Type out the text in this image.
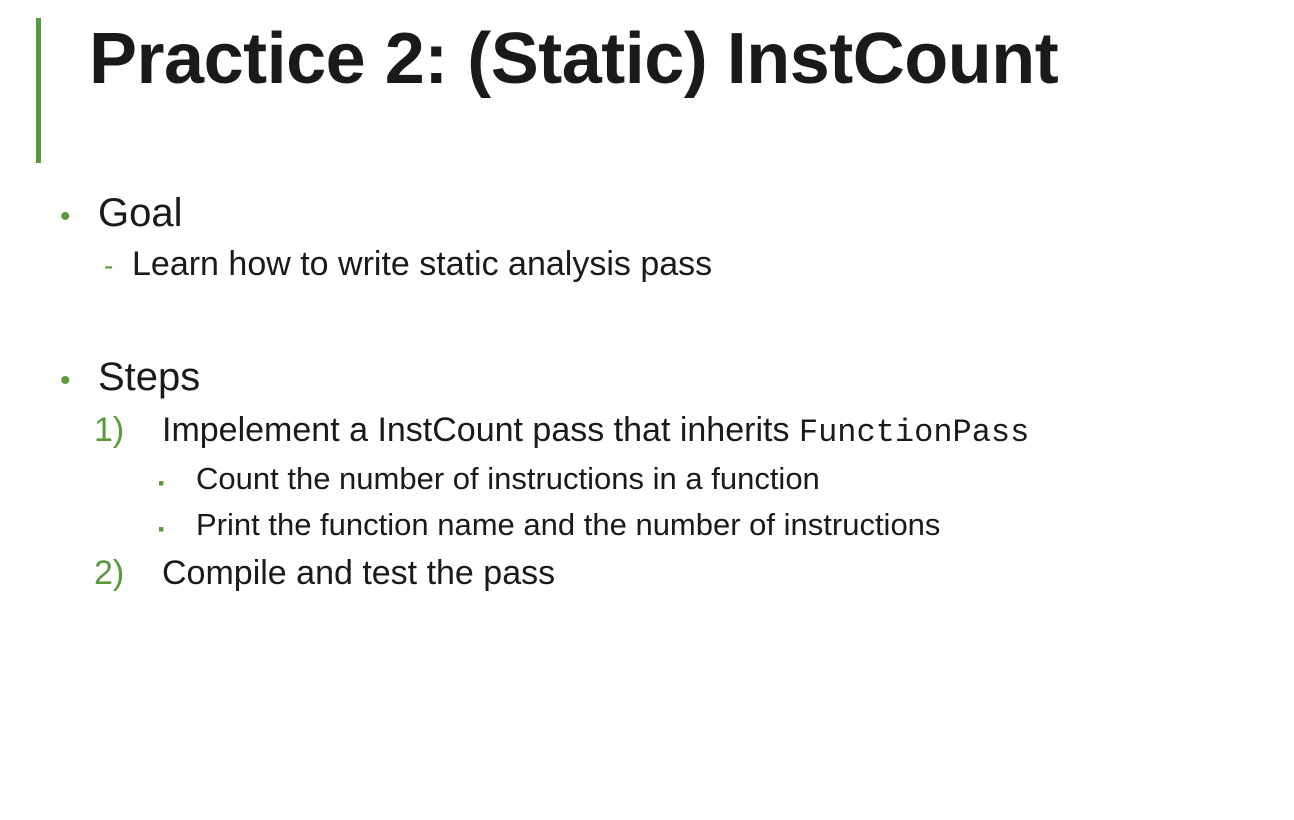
Practice 2: (Static) InstCount
• Goal
- Learn how to write static analysis pass
• Steps
1)	Impelement a InstCount pass that inherits FunctionPass
▪	Count the number of instructions in a function
▪	Print the function name and the number of instructions
2)	Compile and test the pass
